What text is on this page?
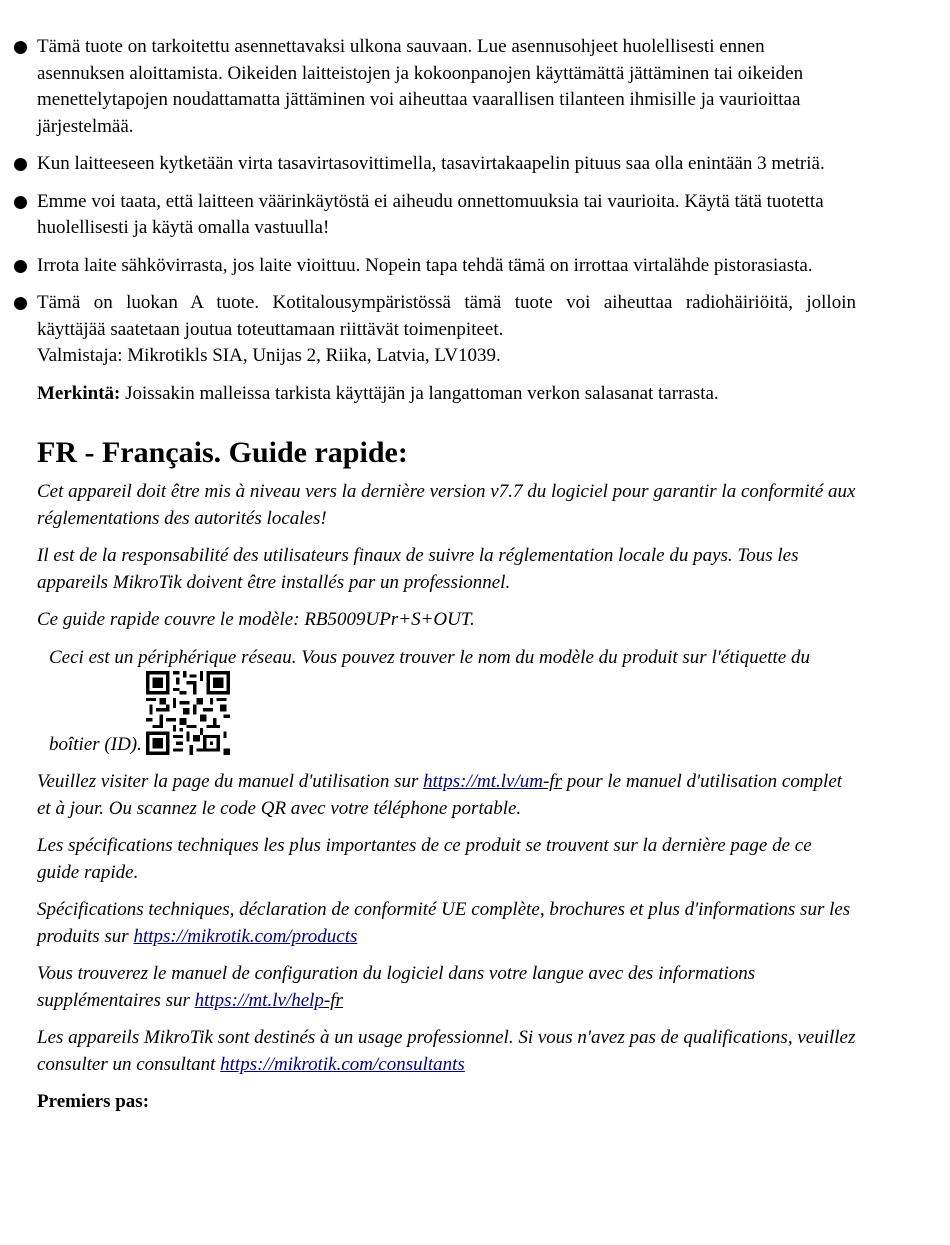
Tämä tuote on tarkoitettu asennettavaksi ulkona sauvaan. Lue asennusohjeet huolellisesti ennen asennuksen aloittamista. Oikeiden laitteistojen ja kokoonpanojen käyttämättä jättäminen tai oikeiden menettelytapojen noudattamatta jättäminen voi aiheuttaa vaarallisen tilanteen ihmisille ja vaurioittaa järjestelmää.
Kun laitteeseen kytketään virta tasavirtasovittimella, tasavirtakaapelin pituus saa olla enintään 3 metriä.
Emme voi taata, että laitteen väärinkäytöstä ei aiheudu onnettomuuksia tai vaurioita. Käytä tätä tuotetta huolellisesti ja käytä omalla vastuulla!
Irrota laite sähkövirrasta, jos laite vioittuu. Nopein tapa tehdä tämä on irrottaa virtalähde pistorasiasta.
Tämä on luokan A tuote. Kotitalousympäristössä tämä tuote voi aiheuttaa radiohäiriöitä, jolloin
käyttäjää saatetaan joutua toteuttamaan riittävät toimenpiteet.
Valmistaja: Mikrotikls SIA, Unijas 2, Riika, Latvia, LV1039.

Merkintä: Joissakin malleissa tarkista käyttäjän ja langattoman verkon salasanat tarrasta.

FR - Français. Guide rapide:

Cet appareil doit être mis à niveau vers la dernière version v7.7 du logiciel pour garantir la conformité aux réglementations des autorités locales!

Il est de la responsabilité des utilisateurs finaux de suivre la réglementation locale du pays. Tous les appareils MikroTik doivent être installés par un professionnel.

Ce guide rapide couvre le modèle: RB5009UPr+S+OUT.

Ceci est un périphérique réseau. Vous pouvez trouver le nom du modèle du produit sur l'étiquette du
boîtier (ID).

Veuillez visiter la page du manuel d'utilisation sur https://mt.lv/um-fr pour le manuel d'utilisation complet et à jour. Ou scannez le code QR avec votre téléphone portable.

Les spécifications techniques les plus importantes de ce produit se trouvent sur la dernière page de ce guide rapide.

Spécifications techniques, déclaration de conformité UE complète, brochures et plus d'informations sur les produits sur https://mikrotik.com/products

Vous trouverez le manuel de configuration du logiciel dans votre langue avec des informations supplémentaires sur https://mt.lv/help-fr

Les appareils MikroTik sont destinés à un usage professionnel. Si vous n'avez pas de qualifications, veuillez consulter un consultant https://mikrotik.com/consultants

Premiers pas:
